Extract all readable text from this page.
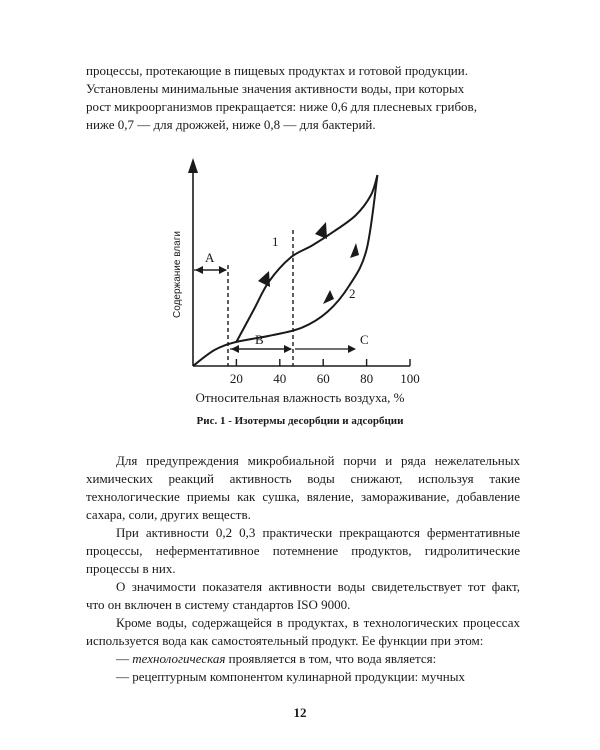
процессы, протекающие в пищевых продуктах и готовой продукции.
Установлены минимальные значения активности воды, при которых
рост микроорганизмов прекращается: ниже 0,6 для плесневых грибов,
ниже 0,7 — для дрожжей, ниже 0,8 — для бактерий.

20 40 60 80 100
A
B	C
1
2
Содержание влаги
Относительная влажность воздуха, %

Рис. 1 - Изотермы десорбции и адсорбции

Для предупреждения микробиальной порчи и ряда нежелательных химических реакций активность воды снижают, используя такие технологические приемы как сушка, вяление, замораживание, добавление сахара, соли, других веществ.

При активности 0,2 0,3 практически прекращаются ферментативные процессы, неферментативное потемнение продуктов, гидролитические процессы в них.

О значимости показателя активности воды свидетельствует тот факт, что он включен в систему стандартов ISO 9000.

Кроме воды, содержащейся в продуктах, в технологических процессах используется вода как самостоятельный продукт. Ее функции при этом:

— технологическая проявляется в том, что вода является:

— рецептурным компонентом кулинарной продукции: мучных

12
